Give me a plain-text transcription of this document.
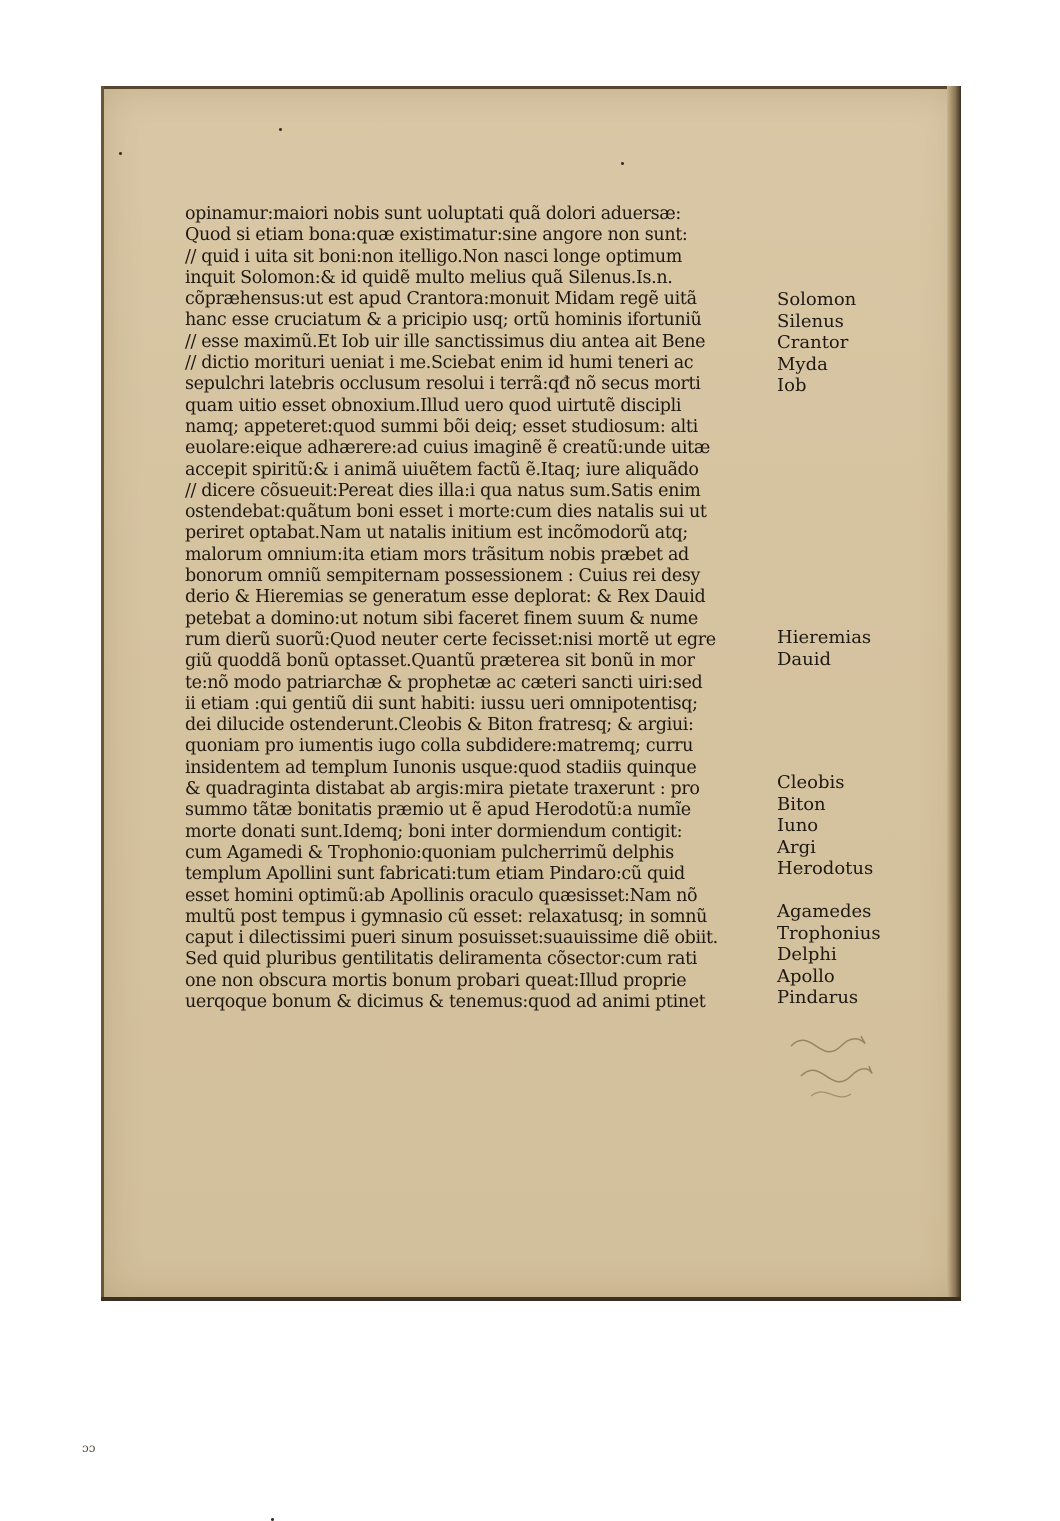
opinamur:maiori nobis sunt uoluptati quã dolori aduersæ:
Quod si etiam bona:quæ existimatur:sine angore non sunt:
// quid i uita sit boni:non itelligo.Non nasci longe optimum
inquit Solomon:& id quidẽ multo melius quã Silenus.Is.n.
cõpræhensus:ut est apud Crantora:monuit Midam regẽ uitã
hanc esse cruciatum & a pricipio usq; ortũ hominis ifortuniũ
// esse maximũ.Et Iob uir ille sanctissimus diu antea ait Bene
// dictio morituri ueniat i me.Sciebat enim id humi teneri ac
sepulchri latebris occlusum resolui i terrã:qđ nõ secus morti
quam uitio esset obnoxium.Illud uero quod uirtutẽ discipli
namq; appeteret:quod summi bõi deiq; esset studiosum: alti
euolare:eique adhærere:ad cuius imaginẽ ẽ creatũ:unde uitæ
accepit spiritũ:& i animã uiuẽtem factũ ẽ.Itaq; iure aliquãdo
// dicere cõsueuit:Pereat dies illa:i qua natus sum.Satis enim
ostendebat:quãtum boni esset i morte:cum dies natalis sui ut
periret optabat.Nam ut natalis initium est incõmodorũ atq;
malorum omnium:ita etiam mors trãsitum nobis præbet ad
bonorum omniũ sempiternam possessionem : Cuius rei desy
derio & Hieremias se generatum esse deplorat: & Rex Dauid
petebat a domino:ut notum sibi faceret finem suum & nume
rum dierũ suorũ:Quod neuter certe fecisset:nisi mortẽ ut egre
giũ quoddã bonũ optasset.Quantũ præterea sit bonũ in mor
te:nõ modo patriarchæ & prophetæ ac cæteri sancti uiri:sed
ii etiam :qui gentiũ dii sunt habiti: iussu ueri omnipotentisq;
dei dilucide ostenderunt.Cleobis & Biton fratresq; & argiui:
quoniam pro iumentis iugo colla subdidere:matremq; curru
insidentem ad templum Iunonis usque:quod stadiis quinque
& quadraginta distabat ab argis:mira pietate traxerunt : pro
summo tãtæ bonitatis præmio ut ẽ apud Herodotũ:a numĩe
morte donati sunt.Idemq; boni inter dormiendum contigit:
cum Agamedi & Trophonio:quoniam pulcherrimũ delphis
templum Apollini sunt fabricati:tum etiam Pindaro:cũ quid
esset homini optimũ:ab Apollinis oraculo quæsisset:Nam nõ
multũ post tempus i gymnasio cũ esset: relaxatusq; in somnũ
caput i dilectissimi pueri sinum posuisset:suauissime diẽ obiit.
Sed quid pluribus gentilitatis deliramenta cõsector:cum rati
one non obscura mortis bonum probari queat:Illud proprie
uerqoque bonum & dicimus & tenemus:quod ad animi ptinet
Solomon
Silenus
Crantor
Myda
Iob
Hieremias
Dauid
Cleobis
Biton
Iuno
Argi
Herodotus
Agamedes
Trophonius
Delphi
Apollo
Pindarus
ɔɔ
